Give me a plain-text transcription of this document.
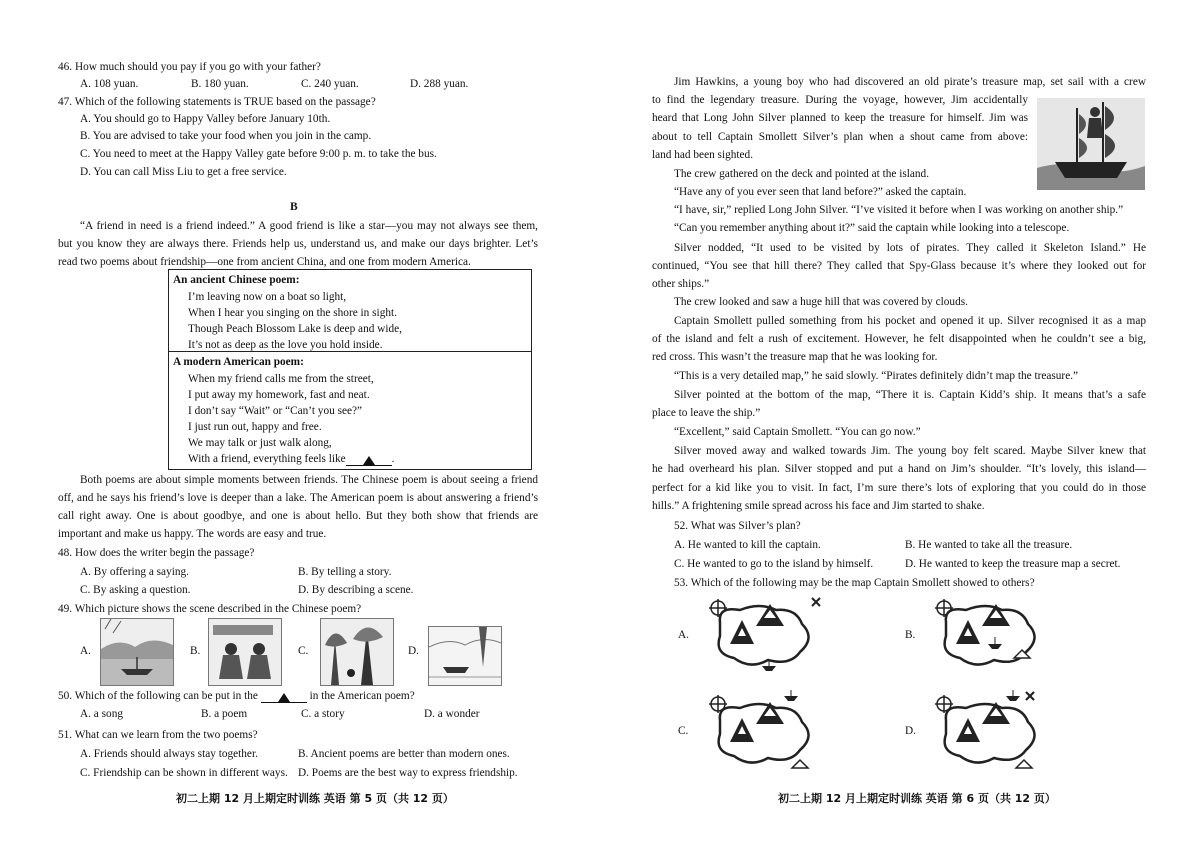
46. How much should you pay if you go with your father?
A. 108 yuan.	B. 180 yuan.	C. 240 yuan.	D. 288 yuan.
47. Which of the following statements is TRUE based on the passage?
A. You should go to Happy Valley before January 10th.
B. You are advised to take your food when you join in the camp.
C. You need to meet at the Happy Valley gate before 9:00 p. m. to take the bus.
D. You can call Miss Liu to get a free service.
B
“A friend in need is a friend indeed.” A good friend is like a star—you may not always see them,
but you know they are always there. Friends help us, understand us, and make our days brighter. Let’s
read two poems about friendship—one from ancient China, and one from modern America.
An ancient Chinese poem:
I’m leaving now on a boat so light,
When I hear you singing on the shore in sight.
Though Peach Blossom Lake is deep and wide,
It’s not as deep as the love you hold inside.
A modern American poem:
When my friend calls me from the street,
I put away my homework, fast and neat.
I don’t say “Wait” or “Can’t you see?”
I just run out, happy and free.
We may talk or just walk along,
With a friend, everything feels like	.
Both poems are about simple moments between friends. The Chinese poem is about seeing a friend
off, and he says his friend’s love is deeper than a lake. The American poem is about answering a friend’s
call right away. One is about goodbye, and one is about hello. But they both show that friends are
important and make us happy. The words are easy and true.
48. How does the writer begin the passage?
A. By offering a saying.	B. By telling a story.
C. By asking a question.	D. By describing a scene.
49. Which picture shows the scene described in the Chinese poem?
A.	B.	C.	D.
50. Which of the following can be put in the	in the American poem?
A. a song	B. a poem	C. a story	D. a wonder
51. What can we learn from the two poems?
A. Friends should always stay together.	B. Ancient poems are better than modern ones.
C. Friendship can be shown in different ways. D. Poems are the best way to express friendship.
初二上期 12 月上期定时训练 英语 第 5 页（共 12 页）
Jim Hawkins, a young boy who had discovered an old pirate’s treasure map, set sail with a crew
to find the legendary treasure. During the voyage, however, Jim accidentally
heard that Long John Silver planned to keep the treasure for himself. Jim was
about to tell Captain Smollett Silver’s plan when a shout came from above:
land had been sighted.
The crew gathered on the deck and pointed at the island.
“Have any of you ever seen that land before?” asked the captain.
“I have, sir,” replied Long John Silver. “I’ve visited it before when I was working on another ship.”
“Can you remember anything about it?” said the captain while looking into a telescope.
Silver nodded, “It used to be visited by lots of pirates. They called it Skeleton Island.” He
continued, “You see that hill there? They called that Spy-Glass because it’s where they looked out for
other ships.”
The crew looked and saw a huge hill that was covered by clouds.
Captain Smollett pulled something from his pocket and opened it up. Silver recognised it as a map
of the island and felt a rush of excitement. However, he felt disappointed when he couldn’t see a big,
red cross. This wasn’t the treasure map that he was looking for.
“This is a very detailed map,” he said slowly. “Pirates definitely didn’t map the treasure.”
Silver pointed at the bottom of the map, “There it is. Captain Kidd’s ship. It means that’s a safe
place to leave the ship.”
“Excellent,” said Captain Smollett. “You can go now.”
Silver moved away and walked towards Jim. The young boy felt scared. Maybe Silver knew that
he had overheard his plan. Silver stopped and put a hand on Jim’s shoulder. “It’s lovely, this island—
perfect for a kid like you to visit. In fact, I’m sure there’s lots of exploring that you could do in those
hills.” A frightening smile spread across his face and Jim started to shake.
52. What was Silver’s plan?
A. He wanted to kill the captain.	B. He wanted to take all the treasure.
C. He wanted to go to the island by himself.	D. He wanted to keep the treasure map a secret.
53. Which of the following may be the map Captain Smollett showed to others?
A.	B.
C.	D.
初二上期 12 月上期定时训练 英语 第 6 页（共 12 页）
